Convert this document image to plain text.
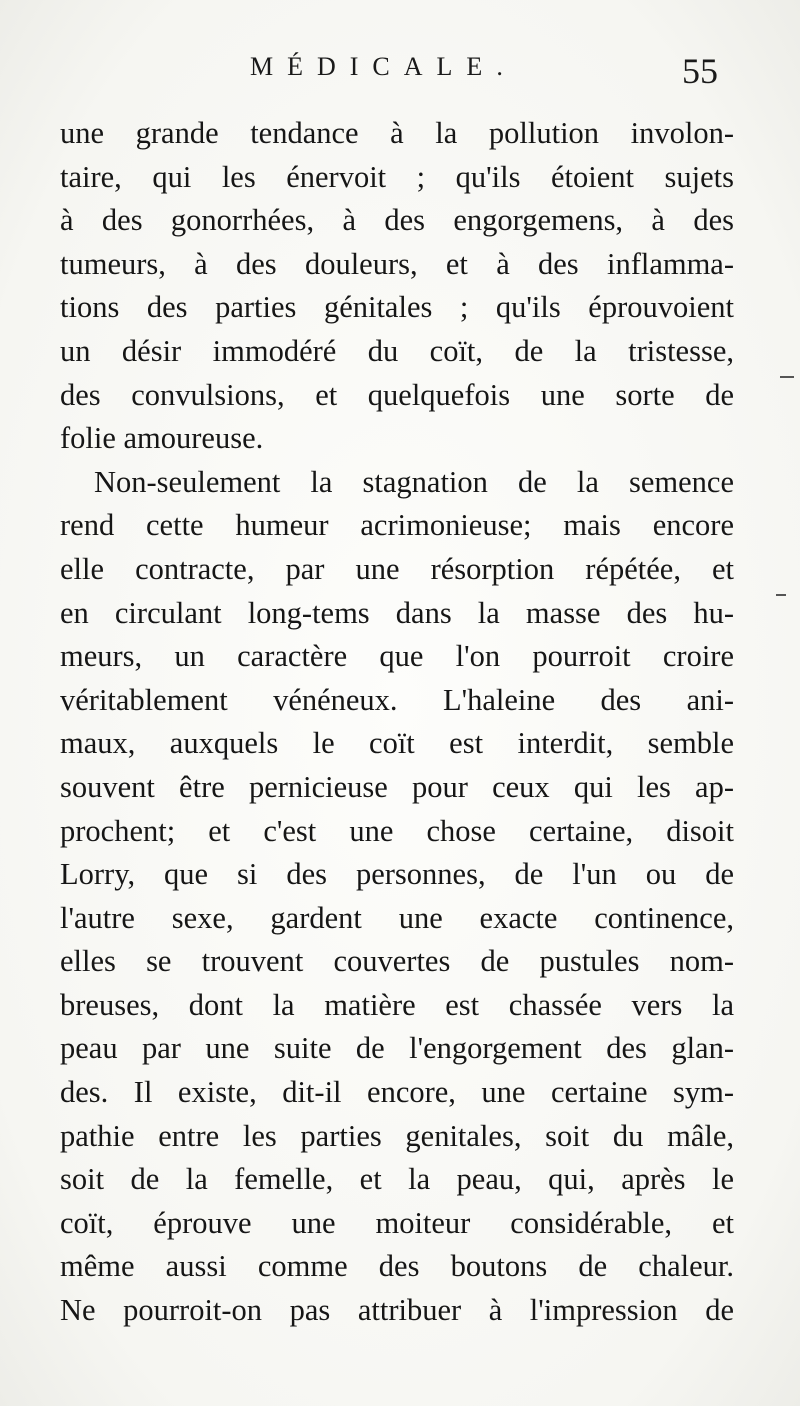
MÉDICALE.	55
une grande tendance à la pollution involon-
taire, qui les énervoit ; qu'ils étoient sujets
à des gonorrhées, à des engorgemens, à des
tumeurs, à des douleurs, et à des inflamma-
tions des parties génitales ; qu'ils éprouvoient
un désir immodéré du coït, de la tristesse,
des convulsions, et quelquefois une sorte de
folie amoureuse.
Non-seulement la stagnation de la semence
rend cette humeur acrimonieuse; mais encore
elle contracte, par une résorption répétée, et
en circulant long-tems dans la masse des hu-
meurs, un caractère que l'on pourroit croire
véritablement vénéneux. L'haleine des ani-
maux, auxquels le coït est interdit, semble
souvent être pernicieuse pour ceux qui les ap-
prochent; et c'est une chose certaine, disoit
Lorry, que si des personnes, de l'un ou de
l'autre sexe, gardent une exacte continence,
elles se trouvent couvertes de pustules nom-
breuses, dont la matière est chassée vers la
peau par une suite de l'engorgement des glan-
des. Il existe, dit-il encore, une certaine sym-
pathie entre les parties genitales, soit du mâle,
soit de la femelle, et la peau, qui, après le
coït, éprouve une moiteur considérable, et
même aussi comme des boutons de chaleur.
Ne pourroit-on pas attribuer à l'impression de
